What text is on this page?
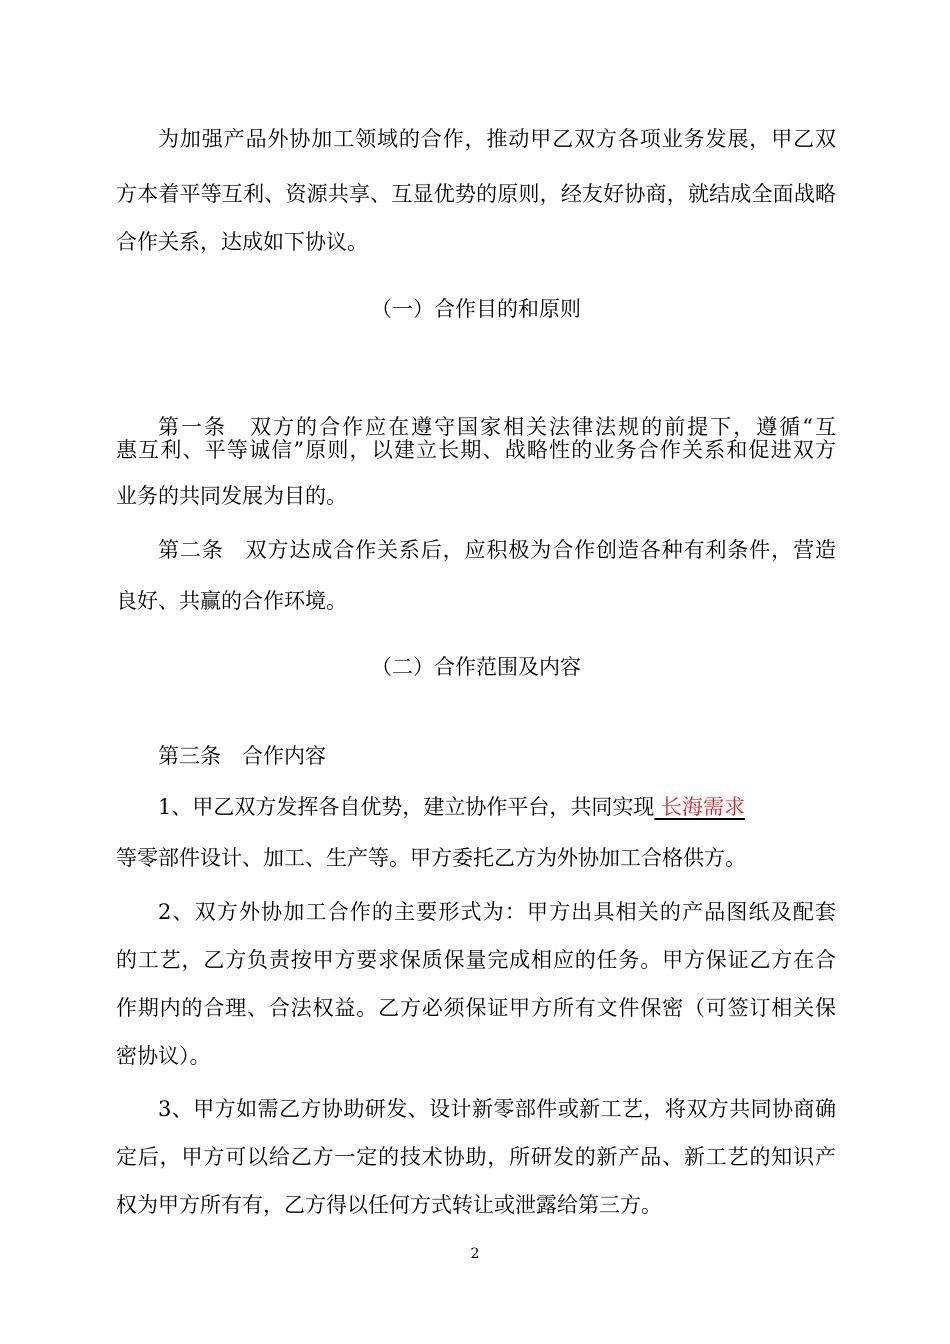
为加强产品外协加工领域的合作，推动甲乙双方各项业务发展，甲乙双
方本着平等互利、资源共享、互显优势的原则，经友好协商，就结成全面战略
合作关系，达成如下协议。
（一）合作目的和原则
第一条　双方的合作应在遵守国家相关法律法规的前提下，遵循“互
惠互利、平等诚信”原则，以建立长期、战略性的业务合作关系和促进双方
业务的共同发展为目的。
第二条　双方达成合作关系后，应积极为合作创造各种有利条件，营造
良好、共赢的合作环境。
（二）合作范围及内容
第三条　合作内容
1、甲乙双方发挥各自优势，建立协作平台，共同实现 长海需求
等零部件设计、加工、生产等。甲方委托乙方为外协加工合格供方。
2、双方外协加工合作的主要形式为：甲方出具相关的产品图纸及配套
的工艺，乙方负责按甲方要求保质保量完成相应的任务。甲方保证乙方在合
作期内的合理、合法权益。乙方必须保证甲方所有文件保密（可签订相关保
密协议）。
3、甲方如需乙方协助研发、设计新零部件或新工艺，将双方共同协商确
定后，甲方可以给乙方一定的技术协助，所研发的新产品、新工艺的知识产
权为甲方所有有，乙方得以任何方式转让或泄露给第三方。
2
